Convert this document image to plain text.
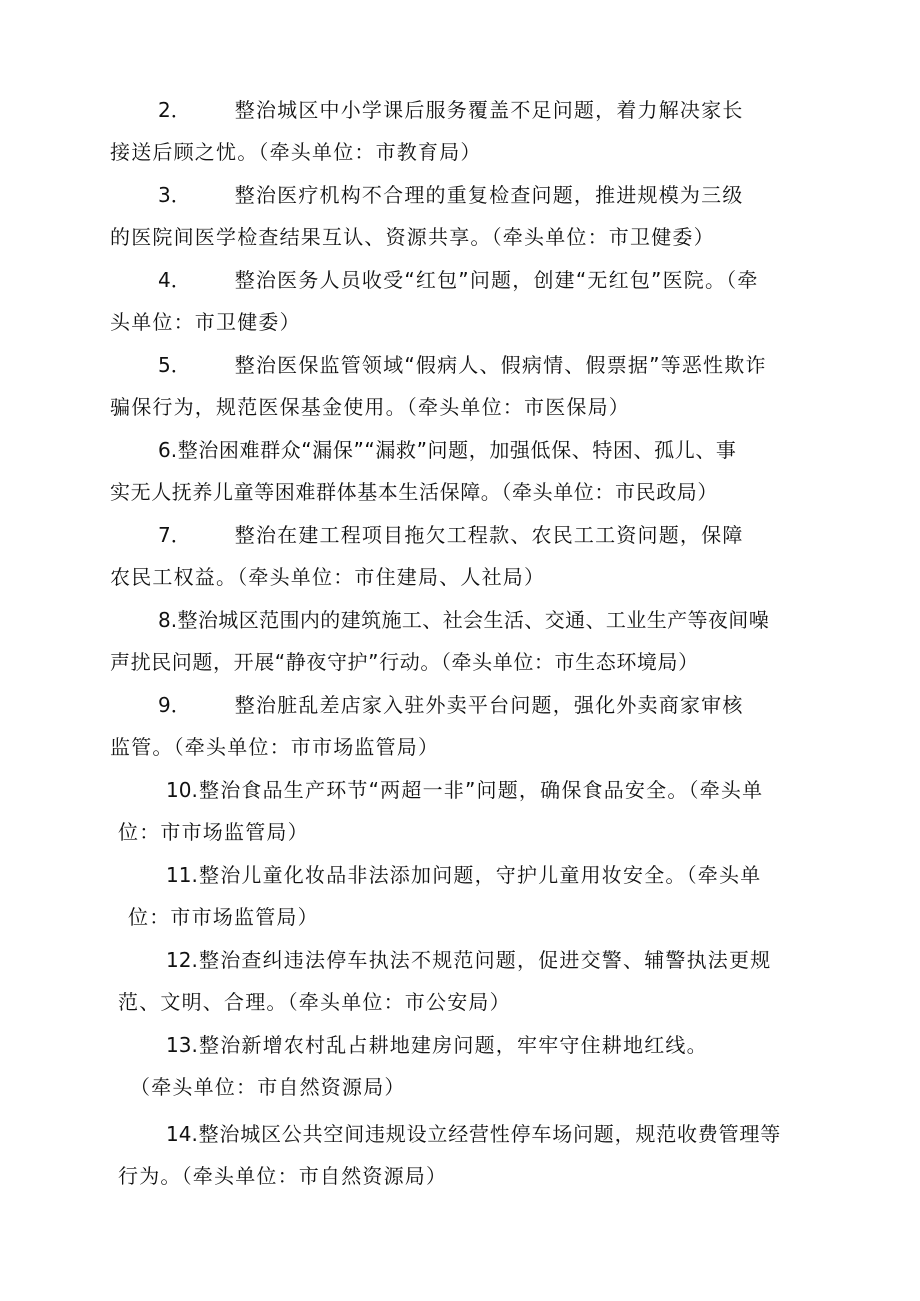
2． 整治城区中小学课后服务覆盖不足问题，着力解决家长
接送后顾之忧。（牵头单位：市教育局）
3． 整治医疗机构不合理的重复检查问题，推进规模为三级
的医院间医学检查结果互认、资源共享。（牵头单位：市卫健委）
4． 整治医务人员收受“红包”问题，创建“无红包”医院。（牵
头单位：市卫健委）
5． 整治医保监管领域“假病人、假病情、假票据”等恶性欺诈
骗保行为，规范医保基金使用。（牵头单位：市医保局）
6.整治困难群众“漏保”“漏救”问题，加强低保、特困、孤儿、事
实无人抚养儿童等困难群体基本生活保障。（牵头单位：市民政局）
7． 整治在建工程项目拖欠工程款、农民工工资问题，保障
农民工权益。（牵头单位：市住建局、人社局）
8.整治城区范围内的建筑施工、社会生活、交通、工业生产等夜间噪
声扰民问题，开展“静夜守护”行动。（牵头单位：市生态环境局）
9． 整治脏乱差店家入驻外卖平台问题，强化外卖商家审核
监管。（牵头单位：市市场监管局）
10.整治食品生产环节“两超一非”问题，确保食品安全。（牵头单
位：市市场监管局）
11.整治儿童化妆品非法添加问题，守护儿童用妆安全。（牵头单
位：市市场监管局）
12.整治查纠违法停车执法不规范问题，促进交警、辅警执法更规
范、文明、合理。（牵头单位：市公安局）
13.整治新增农村乱占耕地建房问题，牢牢守住耕地红线。
（牵头单位：市自然资源局）
14.整治城区公共空间违规设立经营性停车场问题，规范收费管理等
行为。（牵头单位：市自然资源局）
